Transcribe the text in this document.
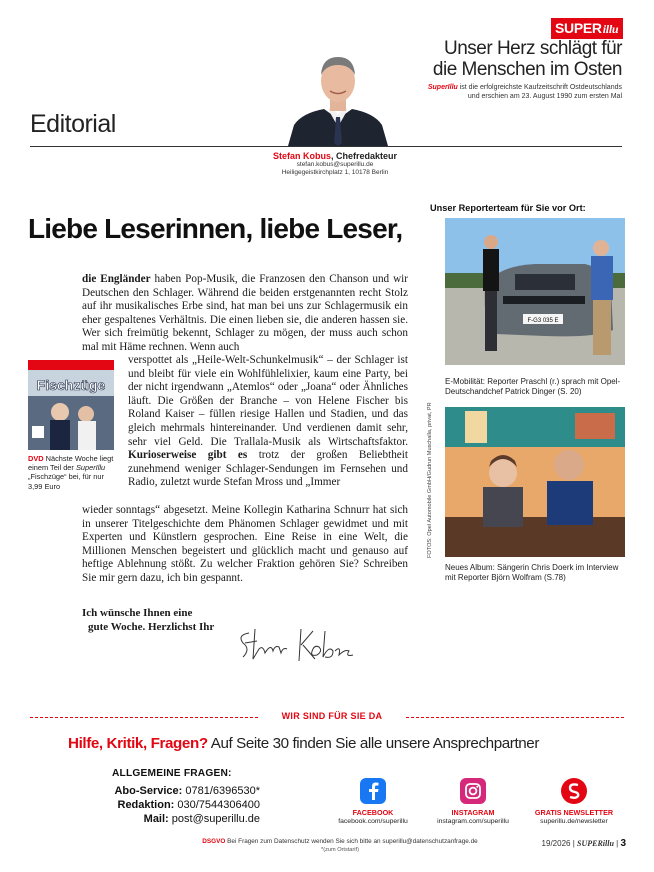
SUPERillu
Unser Herz schlägt für
die Menschen im Osten
SuperIllu ist die erfolgreichste Kaufzeitschrift Ostdeutschlands
und erschien am 23. August 1990 zum ersten Mal
Editorial
Stefan Kobus, Chefredakteur
stefan.kobus@superillu.de
Heiligegeistkirchplatz 1, 10178 Berlin
Liebe Leserinnen, liebe Leser,
die Engländer haben Pop-Musik, die Franzosen den Chanson und wir Deutschen den Schlager. Während die beiden erstgenannten recht Stolz auf ihr musikalisches Erbe sind, hat man bei uns zur Schlagermusik ein eher gespaltenes Verhältnis. Die einen lieben sie, die anderen hassen sie. Wer sich freimütig bekennt, Schlager zu mögen, der muss auch schon mal mit Häme rechnen. Wenn auch
verspottet als „Heile-Welt-Schunkelmusik“ – der Schlager ist und bleibt für viele ein Wohlfühlelixier, kaum eine Party, bei der nicht irgendwann „Atemlos“ oder „Joana“ oder Ähnliches läuft. Die Größen der Branche – von Helene Fischer bis Roland Kaiser – füllen riesige Hallen und Stadien, und das gleich mehrmals hintereinander. Und verdienen damit sehr, sehr viel Geld. Die Trallala-Musik als Wirtschaftsfaktor. Kurioserweise gibt es trotz der großen Beliebtheit zunehmend weniger Schlager-Sendungen im Fernsehen und Radio, zuletzt wurde Stefan Mross und „Immer
wieder sonntags“ abgesetzt. Meine Kollegin Katharina Schnurr hat sich in unserer Titelgeschichte dem Phänomen Schlager gewidmet und mit Experten und Künstlern gesprochen. Eine Reise in eine Welt, die Millionen Menschen begeistert und glücklich macht und genauso auf heftige Ablehnung stößt. Zu welcher Fraktion gehören Sie? Schreiben Sie mir gern dazu, ich bin gespannt.
Ich wünsche Ihnen eine
gute Woche. Herzlichst Ihr
Fischzüge
DVD Nächste Woche liegt einem Teil der SuperIllu „Fischzüge“ bei, für nur 3,99 Euro
Unser Reporterteam für Sie vor Ort:
F-G3 035 E
E-Mobilität: Reporter Praschl (r.) sprach mit Opel-Deutschandchef Patrick Dinger (S. 20)
Neues Album: Sängerin Chris Doerk im Interview mit Reporter Björn Wolfram (S.78)
FOTOS: Opel Automobile GmbH/Gudrun Muschalla, privat, PR
WIR SIND FÜR SIE DA
Hilfe, Kritik, Fragen? Auf Seite 30 finden Sie alle unsere Ansprechpartner
ALLGEMEINE FRAGEN:
Abo-Service: 0781/6396530*
Redaktion: 030/7544306400
Mail: post@superillu.de
FACEBOOK
facebook.com/superillu
INSTAGRAM
instagram.com/superillu
GRATIS NEWSLETTER
superillu.de/newsletter
DSGVO Bei Fragen zum Datenschutz wenden Sie sich bitte an superillu@datenschutzanfrage.de
*(zum Ortstarif)
19/2026 | SUPERillu | 3
